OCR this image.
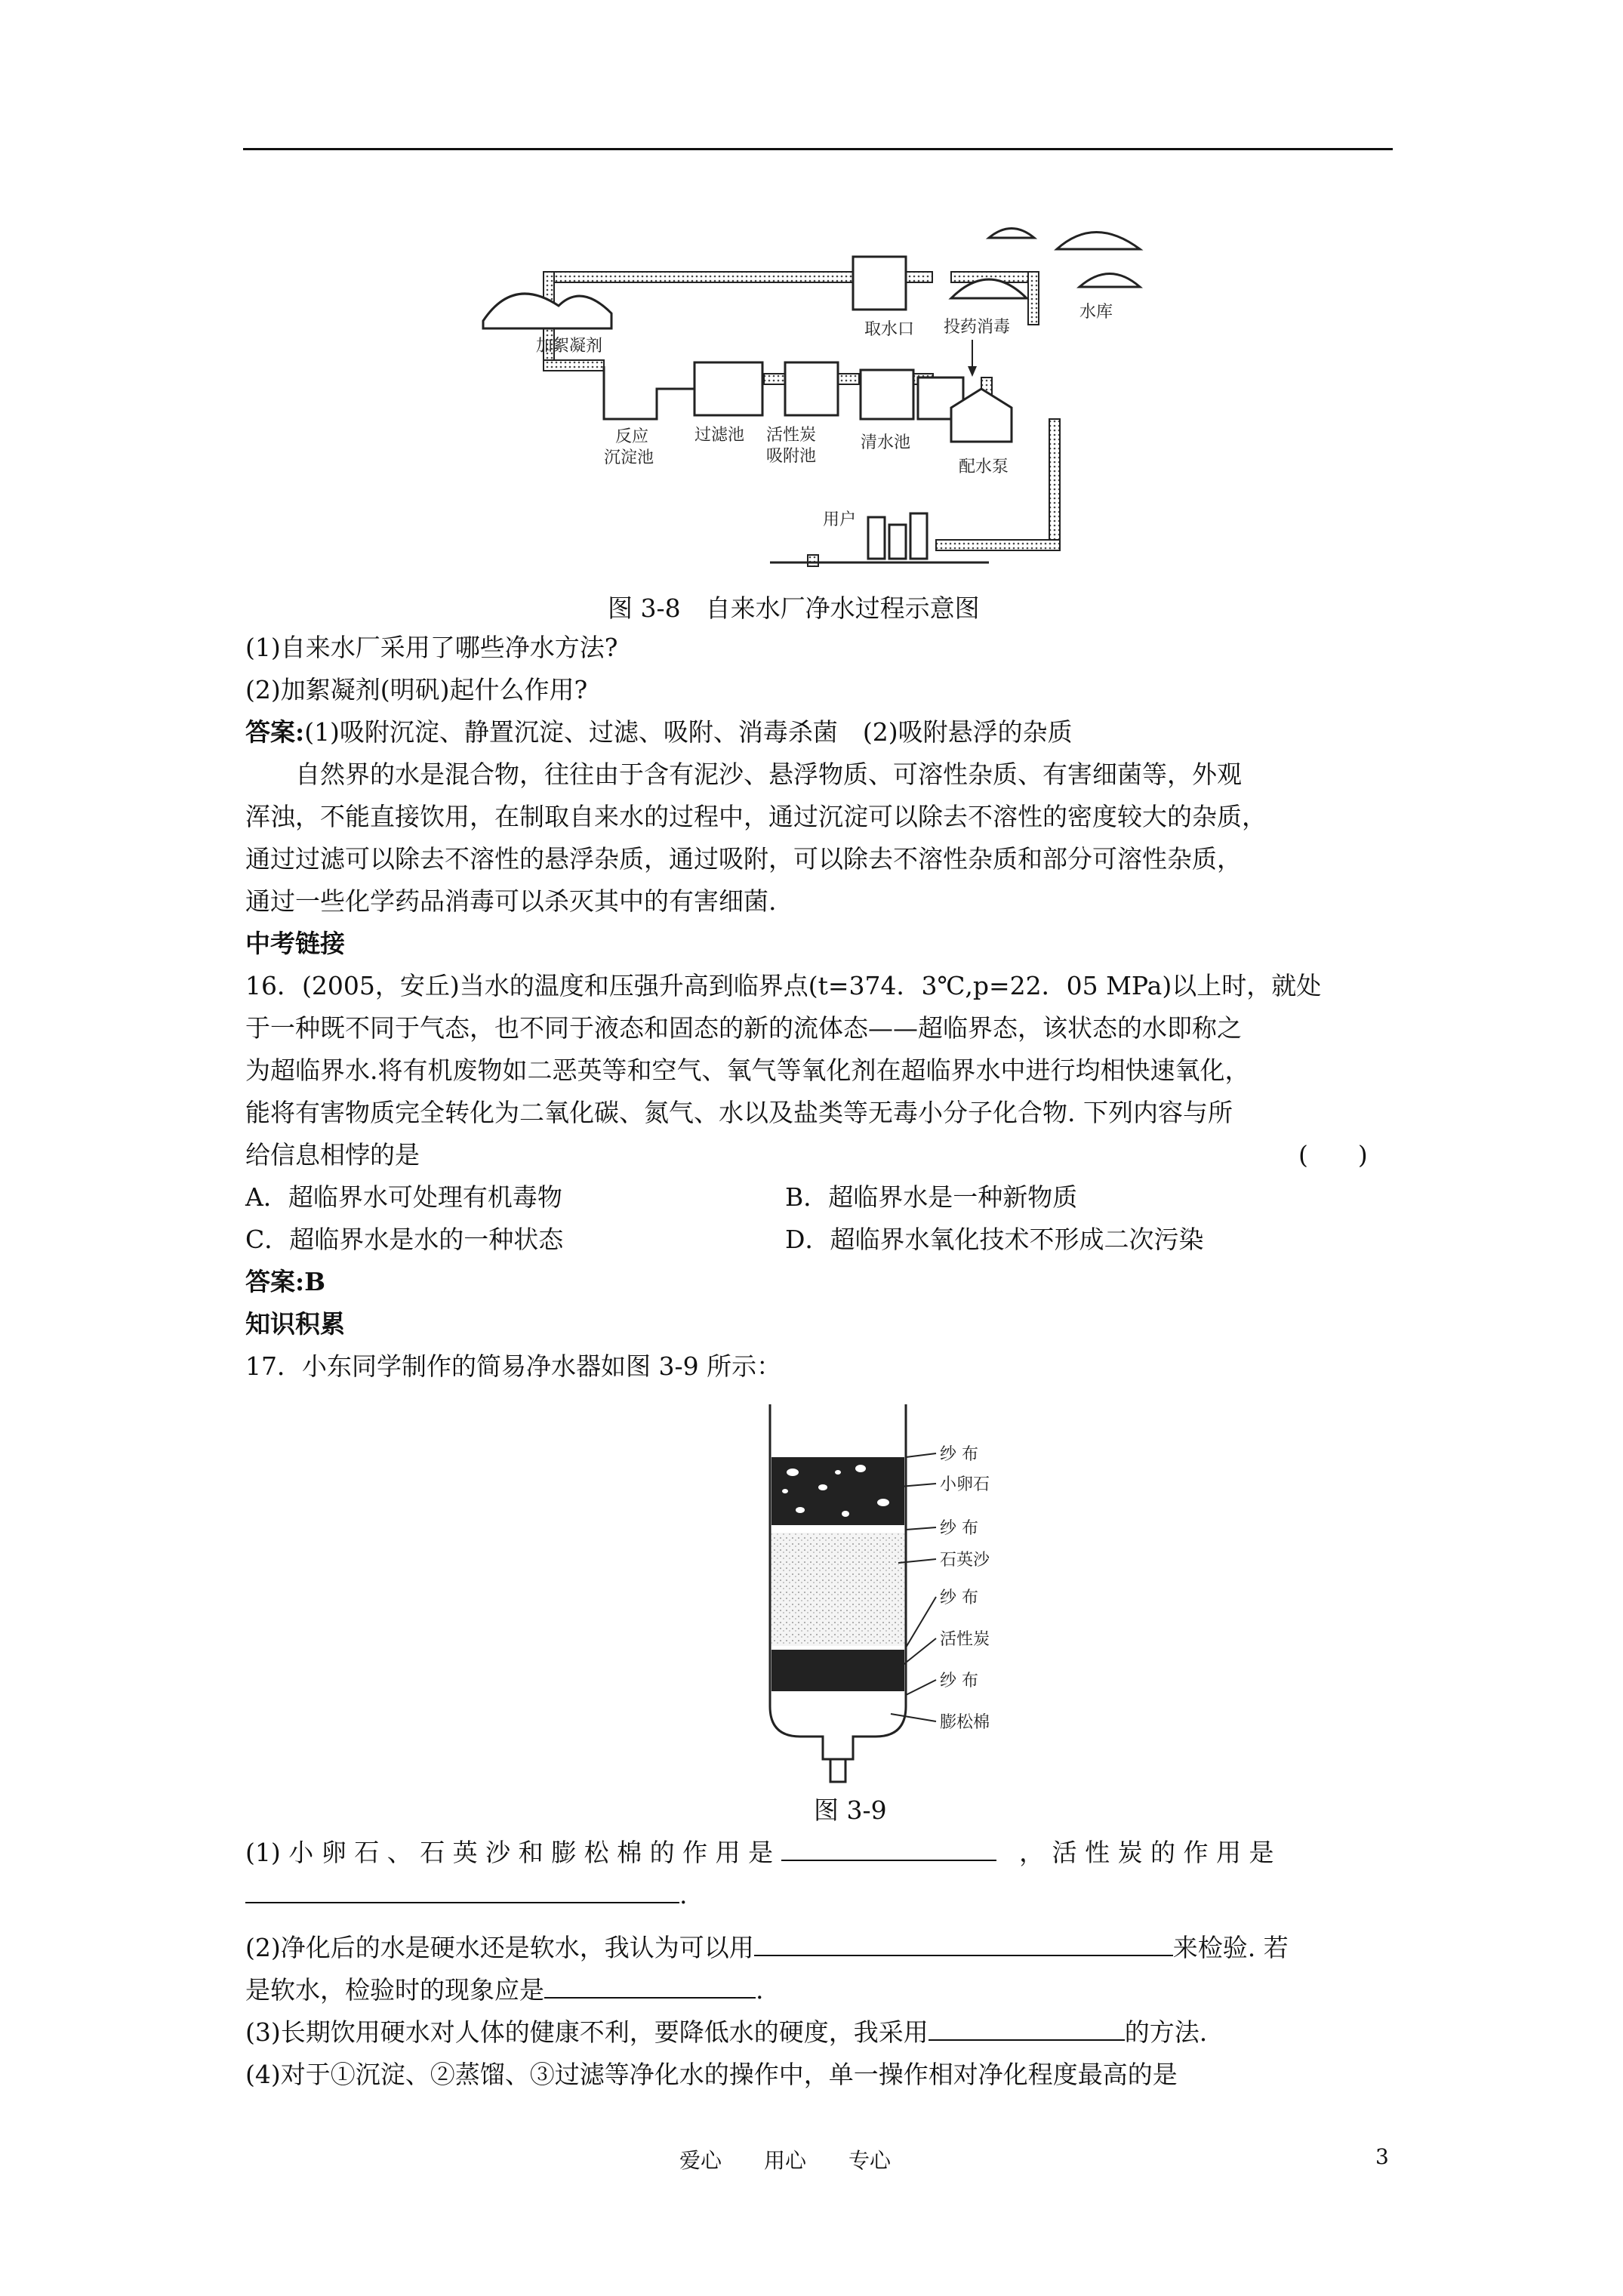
取水口
水库
加絮凝剂
投药消毒
反应
沉淀池
过滤池 活性炭
吸附池
清水池
配水泵
用户
图 3-8　自来水厂净水过程示意图
(1)自来水厂采用了哪些净水方法?
(2)加絮凝剂(明矾)起什么作用?
答案:(1)吸附沉淀、静置沉淀、过滤、吸附、消毒杀菌　(2)吸附悬浮的杂质
　　自然界的水是混合物，往往由于含有泥沙、悬浮物质、可溶性杂质、有害细菌等，外观
浑浊，不能直接饮用，在制取自来水的过程中，通过沉淀可以除去不溶性的密度较大的杂质，
通过过滤可以除去不溶性的悬浮杂质，通过吸附，可以除去不溶性杂质和部分可溶性杂质，
通过一些化学药品消毒可以杀灭其中的有害细菌.
中考链接
16．(2005，安丘)当水的温度和压强升高到临界点(t=374．3℃,p=22．05 MPa)以上时，就处
于一种既不同于气态，也不同于液态和固态的新的流体态——超临界态，该状态的水即称之
为超临界水.将有机废物如二恶英等和空气、氧气等氧化剂在超临界水中进行均相快速氧化，
能将有害物质完全转化为二氧化碳、氮气、水以及盐类等无毒小分子化合物. 下列内容与所
给信息相悖的是	(　　)
A．超临界水可处理有机毒物	B．超临界水是一种新物质
C．超临界水是水的一种状态	D．超临界水氧化技术不形成二次污染
答案:B
知识积累
17．小东同学制作的简易净水器如图 3-9 所示：
纱 布
小卵石
纱 布
石英沙
纱 布
活性炭
纱 布
膨松棉
图 3-9
(1) 小 卵 石 、 石 英 沙 和 膨 松 棉 的 作 用 是	， 活 性 炭 的 作 用 是
.
(2)净化后的水是硬水还是软水，我认为可以用	来检验. 若
是软水，检验时的现象应是	.
(3)长期饮用硬水对人体的健康不利，要降低水的硬度，我采用	的方法.
(4)对于①沉淀、②蒸馏、③过滤等净化水的操作中，单一操作相对净化程度最高的是
爱心　　用心　　专心	3
